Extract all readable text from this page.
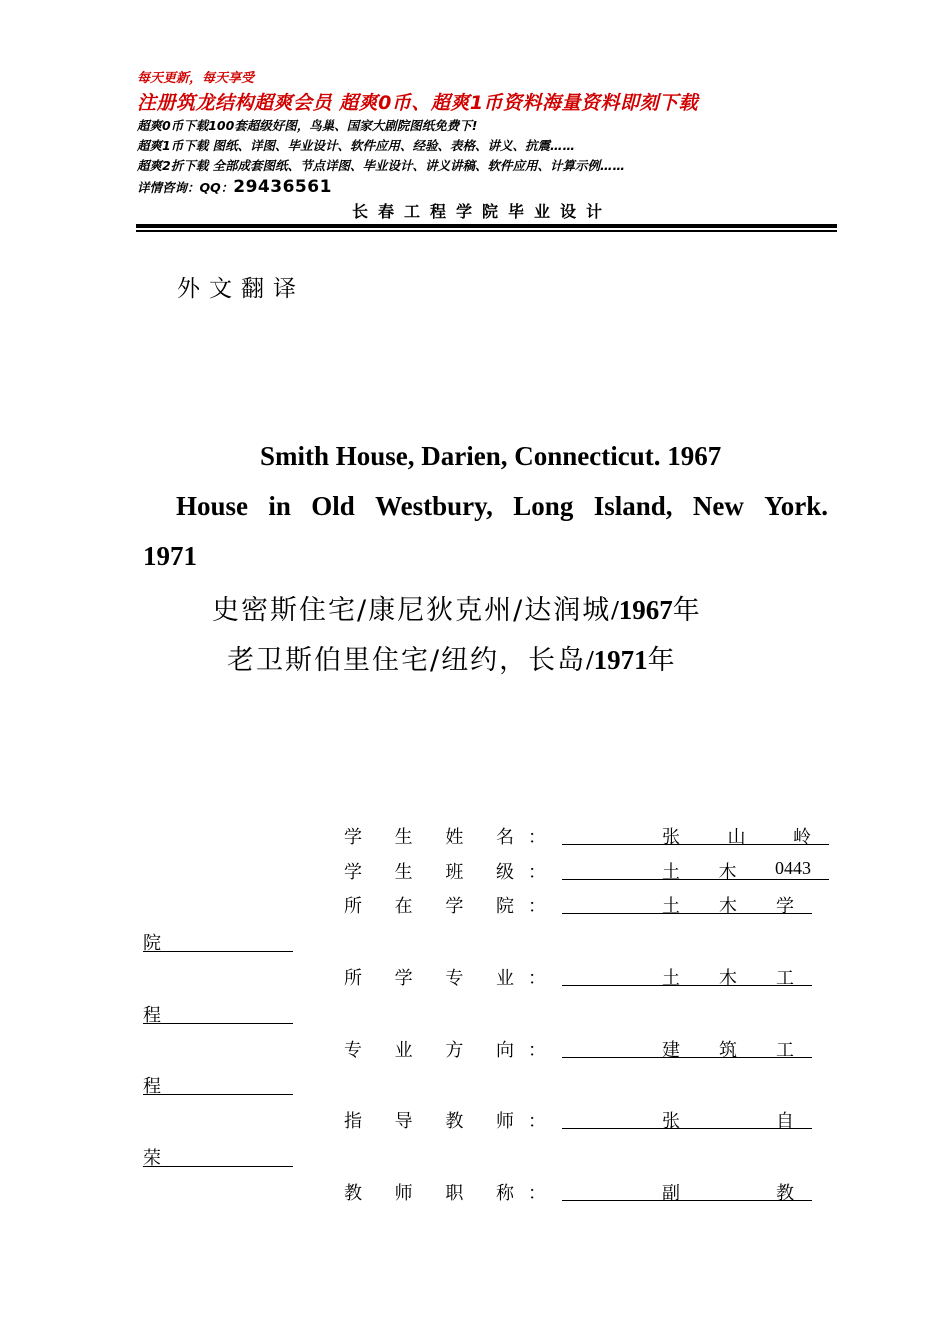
每天更新，每天享受
注册筑龙结构超爽会员 超爽0币、超爽1币资料海量资料即刻下载
超爽0币下载100套超级好图，鸟巢、国家大剧院图纸免费下!
超爽1币下载 图纸、详图、毕业设计、软件应用、经验、表格、讲义、抗震……
超爽2折下载 全部成套图纸、节点详图、毕业设计、讲义讲稿、软件应用、计算示例……
详情咨询：QQ：29436561
长春工程学院毕业设计
外文翻译
Smith House, Darien, Connecticut. 1967
House in Old Westbury, Long Island, New York.
1971
史密斯住宅/康尼狄克州/达润城/1967年
老卫斯伯里住宅/纽约，长岛/1971年
学 生 姓 名 ：	张	山	岭
学 生 班 级 ：	土 木 0443
所 在 学 院 ：	土 木 学
院
所 学 专 业 ：	土 木 工
程
专 业 方 向 ：	建 筑 工
程
指 导 教 师 ：	张	自
荣
教 师 职 称 ：	副	教
